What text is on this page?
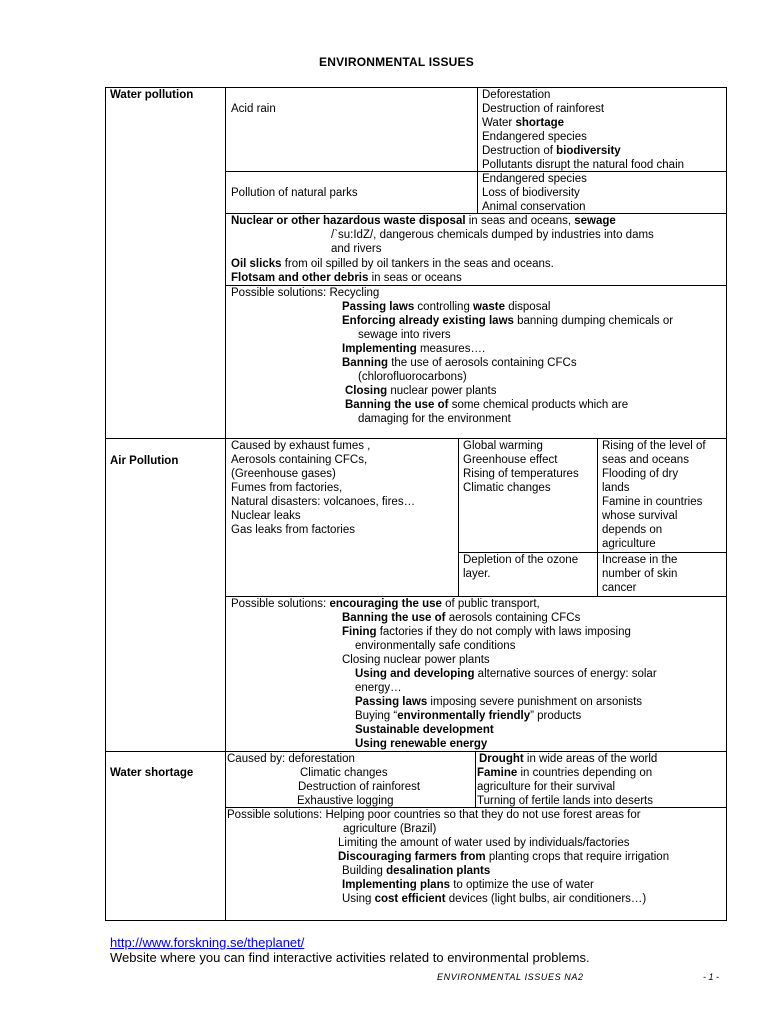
ENVIRONMENTAL ISSUES
Water pollution
Acid rain
Deforestation
Destruction of rainforest
Water shortage
Endangered species
Destruction of biodiversity
Pollutants disrupt the natural food chain
Pollution of natural parks
Endangered species
Loss of biodiversity
Animal conservation
Nuclear or other hazardous waste disposal in seas and oceans, sewage
/`su:IdZ/, dangerous chemicals dumped by industries into dams
and rivers
Oil slicks from oil spilled by oil tankers in the seas and oceans.
Flotsam and other debris in seas or oceans
Possible solutions: Recycling
Passing laws controlling waste disposal
Enforcing already existing laws banning dumping chemicals or
sewage into rivers
Implementing measures….
Banning the use of aerosols containing CFCs
(chlorofluorocarbons)
Closing nuclear power plants
Banning the use of some chemical products which are
damaging for the environment
Air Pollution
Caused by exhaust fumes ,
Aerosols containing CFCs,
(Greenhouse gases)
Fumes from factories,
Natural disasters: volcanoes, fires…
Nuclear leaks
Gas leaks from factories
Global warming
Greenhouse effect
Rising of temperatures
Climatic changes
Rising of the level of
seas and oceans
Flooding of dry
lands
Famine in countries
whose survival
depends on
agriculture
Depletion of the ozone
layer.
Increase in the
number of skin
cancer
Possible solutions: encouraging the use of public transport,
Banning the use of aerosols containing CFCs
Fining factories if they do not comply with laws imposing
environmentally safe conditions
Closing nuclear power plants
Using and developing alternative sources of energy: solar
energy…
Passing laws imposing severe punishment on arsonists
Buying “environmentally friendly” products
Sustainable development
Using renewable energy
Water shortage
Caused by: deforestation
Climatic changes
Destruction of rainforest
Exhaustive logging
Drought in wide areas of the world
Famine in countries depending on
agriculture for their survival
Turning of fertile lands into deserts
Possible solutions: Helping poor countries so that they do not use forest areas for
agriculture (Brazil)
Limiting the amount of water used by individuals/factories
Discouraging farmers from planting crops that require irrigation
Building desalination plants
Implementing plans to optimize the use of water
Using cost efficient devices (light bulbs, air conditioners…)
http://www.forskning.se/theplanet/
Website where you can find interactive activities related to environmental problems.
ENVIRONMENTAL ISSUES NA2	- 1 -
